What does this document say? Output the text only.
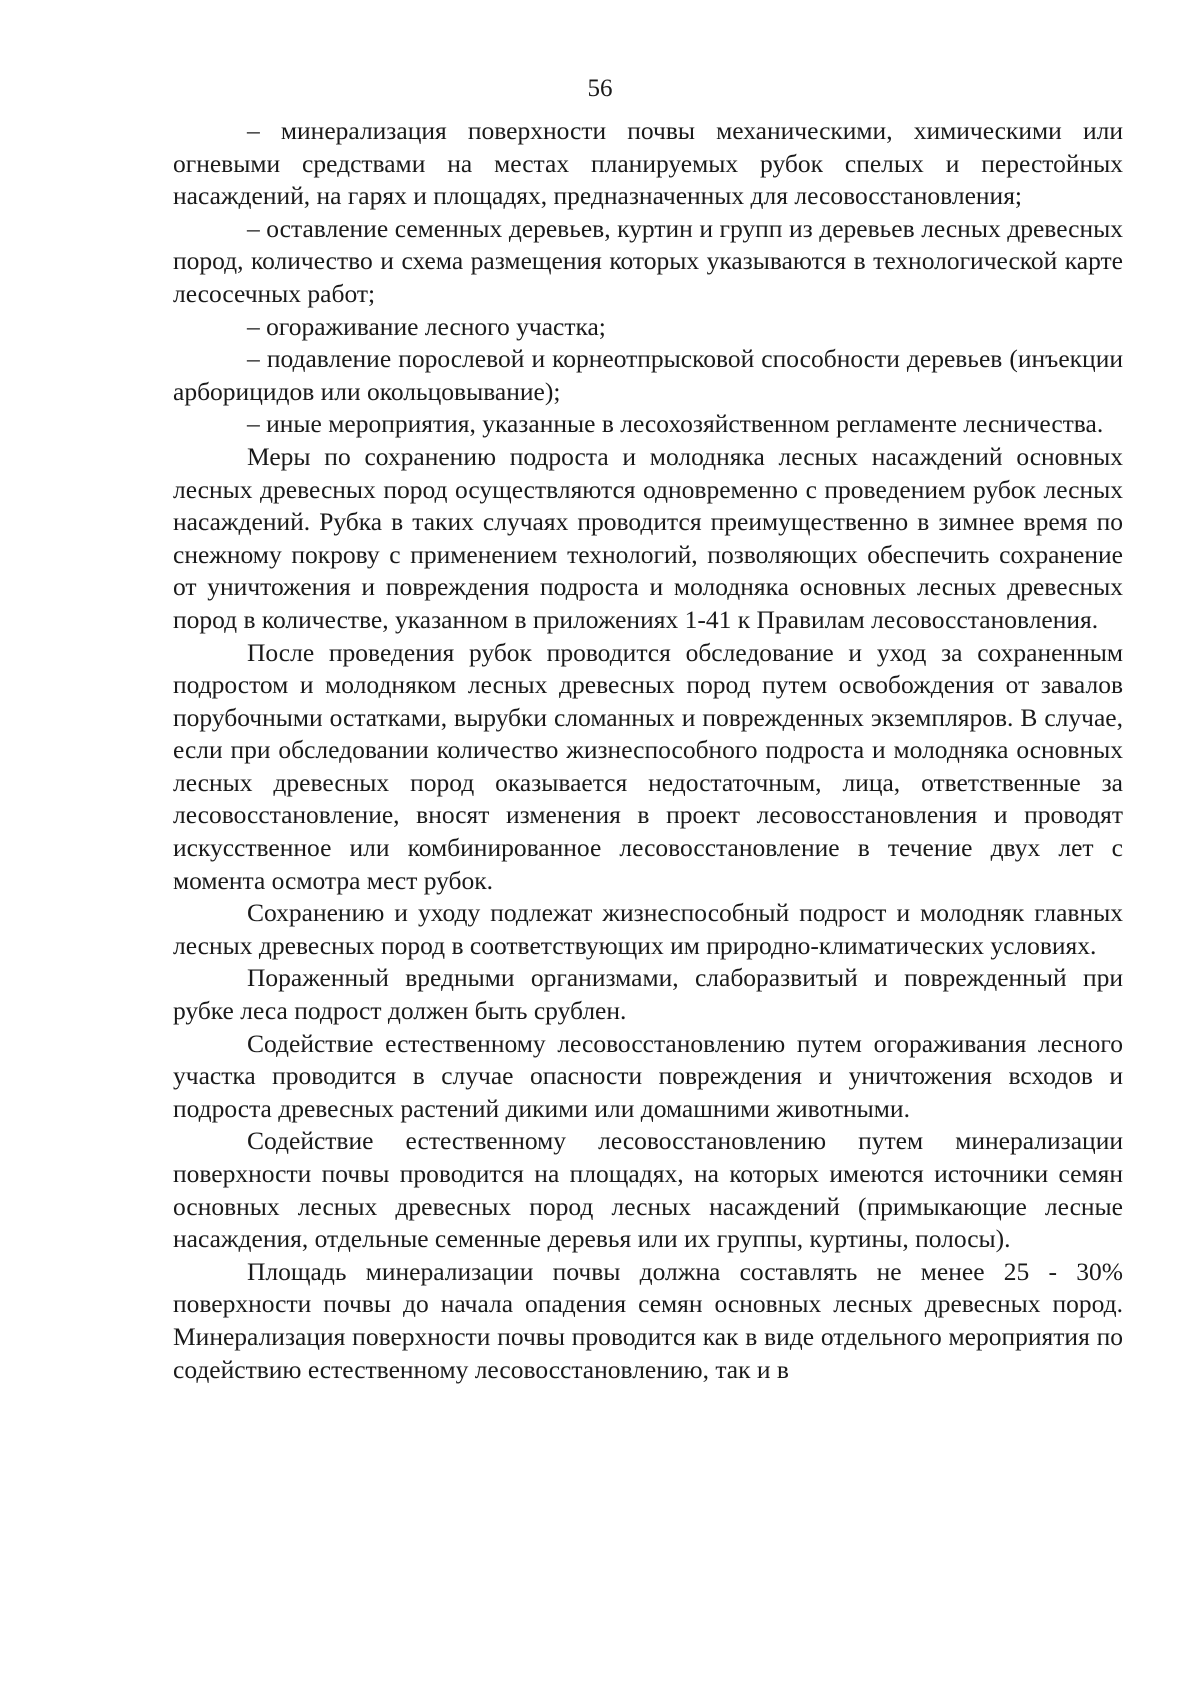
56

– минерализация поверхности почвы механическими, химическими или огневыми средствами на местах планируемых рубок спелых и перестойных насаждений, на гарях и площадях, предназначенных для лесовосстановления;

– оставление семенных деревьев, куртин и групп из деревьев лесных древесных пород, количество и схема размещения которых указываются в технологической карте лесосечных работ;

– огораживание лесного участка;

– подавление порослевой и корнеотпрысковой способности деревьев (инъекции арборицидов или окольцовывание);

– иные мероприятия, указанные в лесохозяйственном регламенте лесничества.

Меры по сохранению подроста и молодняка лесных насаждений основных лесных древесных пород осуществляются одновременно с проведением рубок лесных насаждений. Рубка в таких случаях проводится преимущественно в зимнее время по снежному покрову с применением технологий, позволяющих обеспечить сохранение от уничтожения и повреждения подроста и молодняка основных лесных древесных пород в количестве, указанном в приложениях 1-41 к Правилам лесовосстановления.

После проведения рубок проводится обследование и уход за сохраненным подростом и молодняком лесных древесных пород путем освобождения от завалов порубочными остатками, вырубки сломанных и поврежденных экземпляров. В случае, если при обследовании количество жизнеспособного подроста и молодняка основных лесных древесных пород оказывается недостаточным, лица, ответственные за лесовосстановление, вносят изменения в проект лесовосстановления и проводят искусственное или комбинированное лесовосстановление в течение двух лет с момента осмотра мест рубок.

Сохранению и уходу подлежат жизнеспособный подрост и молодняк главных лесных древесных пород в соответствующих им природно-климатических условиях.

Пораженный вредными организмами, слаборазвитый и поврежденный при рубке леса подрост должен быть срублен.

Содействие естественному лесовосстановлению путем огораживания лесного участка проводится в случае опасности повреждения и уничтожения всходов и подроста древесных растений дикими или домашними животными.

Содействие естественному лесовосстановлению путем минерализации поверхности почвы проводится на площадях, на которых имеются источники семян основных лесных древесных пород лесных насаждений (примыкающие лесные насаждения, отдельные семенные деревья или их группы, куртины, полосы).

Площадь минерализации почвы должна составлять не менее 25 - 30% поверхности почвы до начала опадения семян основных лесных древесных пород. Минерализация поверхности почвы проводится как в виде отдельного мероприятия по содействию естественному лесовосстановлению, так и в
